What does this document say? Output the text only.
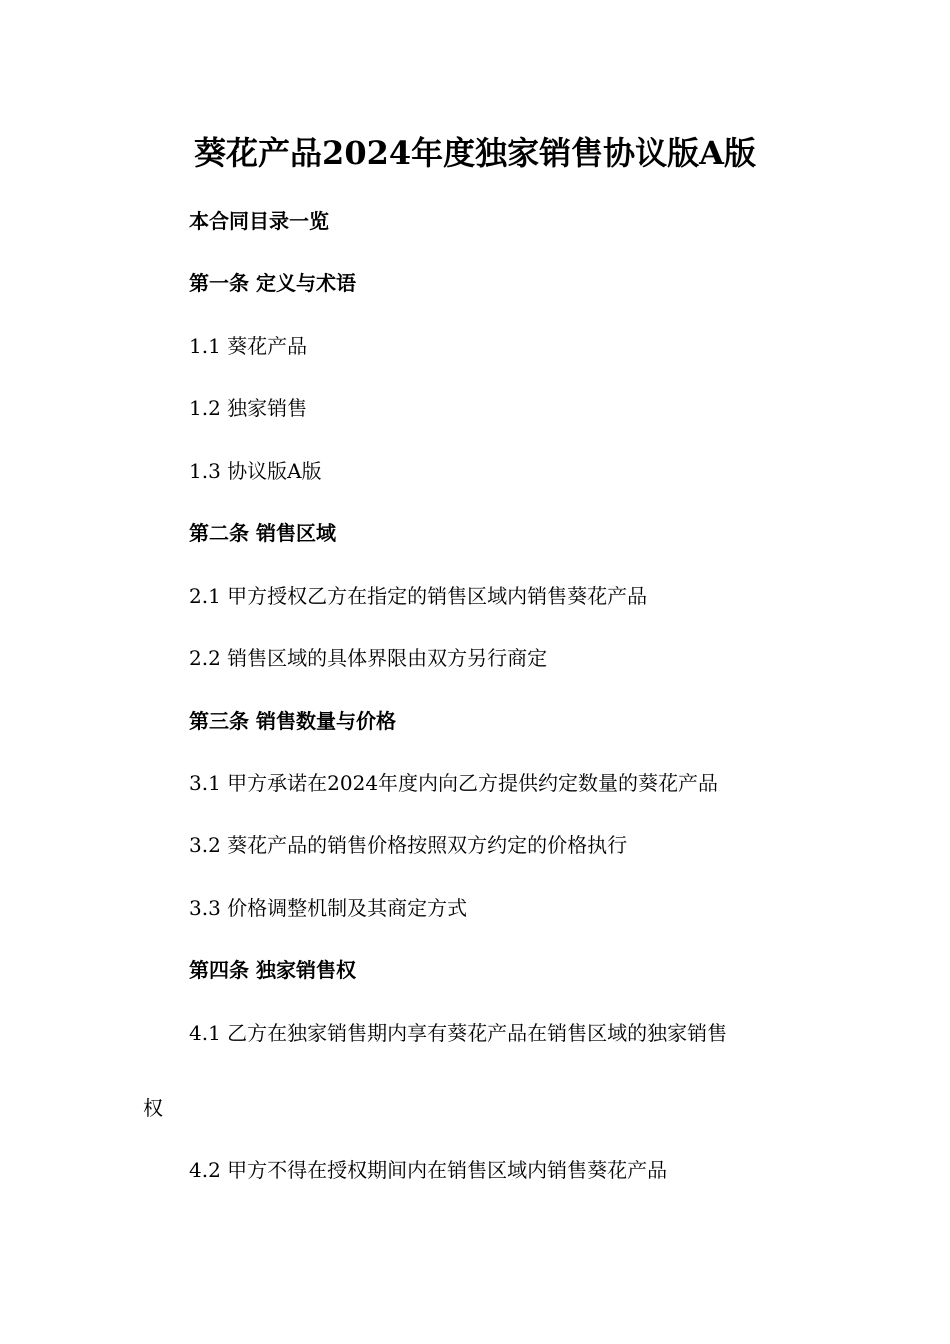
葵花产品2024年度独家销售协议版A版
本合同目录一览
第一条 定义与术语
1.1 葵花产品
1.2 独家销售
1.3 协议版A版
第二条 销售区域
2.1 甲方授权乙方在指定的销售区域内销售葵花产品
2.2 销售区域的具体界限由双方另行商定
第三条 销售数量与价格
3.1 甲方承诺在2024年度内向乙方提供约定数量的葵花产品
3.2 葵花产品的销售价格按照双方约定的价格执行
3.3 价格调整机制及其商定方式
第四条 独家销售权
4.1 乙方在独家销售期内享有葵花产品在销售区域的独家销售
权
4.2 甲方不得在授权期间内在销售区域内销售葵花产品
